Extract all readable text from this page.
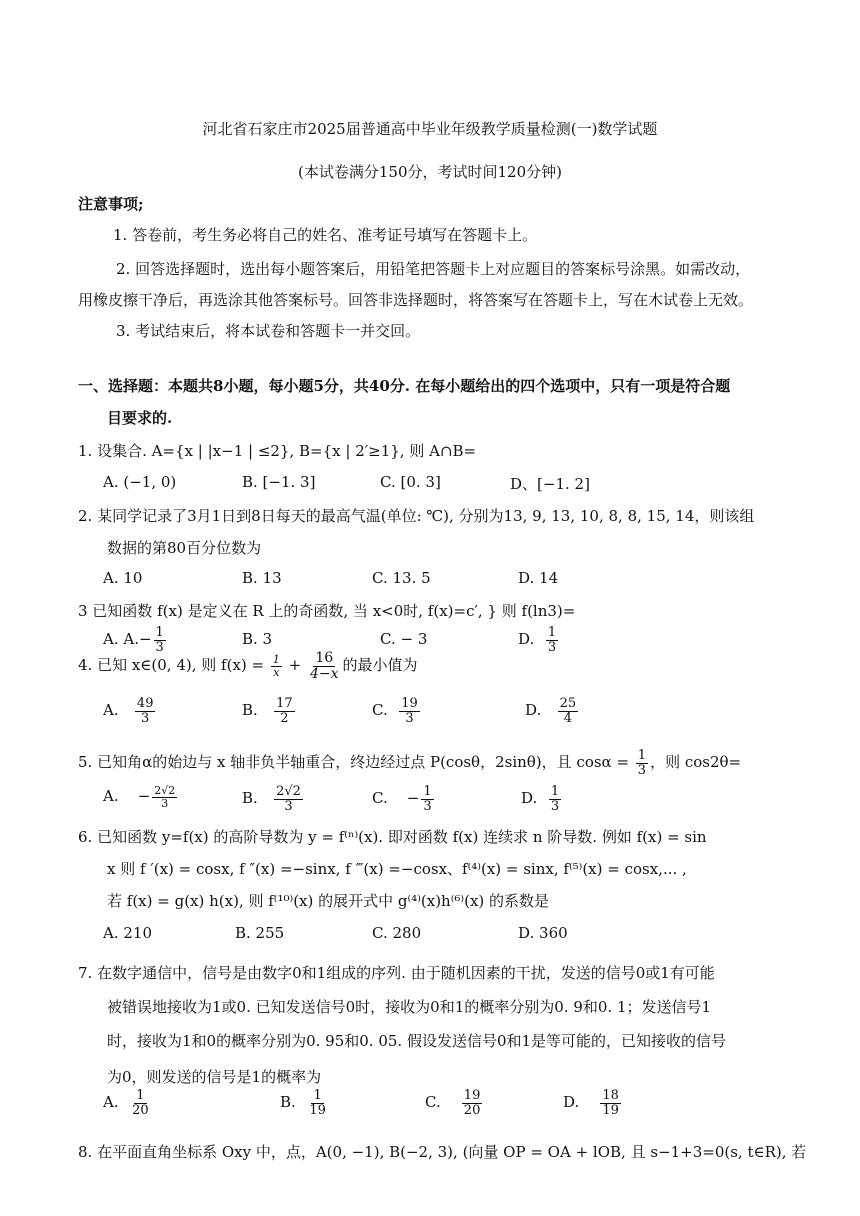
河北省石家庄市2025届普通高中毕业年级教学质量检测(一)数学试题
(本试卷满分150分，考试时间120分钟)
注意事项;
1. 答卷前，考生务必将自己的姓名、准考证号填写在答题卡上。
2. 回答选择题时，选出每小题答案后，用铅笔把答题卡上对应题目的答案标号涂黑。如需改动，
用橡皮擦干净后，再选涂其他答案标号。回答非选择题时，将答案写在答题卡上，写在木试卷上无效。
3. 考试结束后，将本试卷和答题卡一并交回。
一、选择题：本题共8小题，每小题5分，共40分. 在每小题给出的四个选项中，只有一项是符合题
目要求的.
1. 设集合. A={x | |x−1 | ≤2}, B={x | 2′≥1}, 则 A∩B=
A. (−1, 0)	B. [−1. 3]	C. [0. 3]	D、[−1. 2]
2. 某同学记录了3月1日到8日每天的最高气温(单位: ℃), 分别为13, 9, 13, 10, 8, 8, 15, 14，则该组
数据的第80百分位数为
A. 10	B. 13	C. 13. 5	D. 14
3 已知函数 f(x) 是定义在 R 上的奇函数, 当 x<0时, f(x)=c′, } 则 f(ln3)=
A. $A.- \frac{1}{3}$	B. 3	C. − 3	D. $\frac{1}{3}$
4. 已知 x∈(0, 4), 则 $f(x) = \frac{1}{x} + \frac{16}{4-x}$ 的最小值为
A. $\frac{49}{3}$	B. $\frac{17}{2}$	C. $\frac{19}{3}$	D. $\frac{25}{4}$
5. 已知角α的始边与 x 轴非负半轴重合，终边经过点 P(cosθ，2sinθ)，且 $\cos\alpha = \frac{1}{3}$ ，则 cos2θ=
A. − $\frac{2√2}{3}$	B. $\frac{2√2}{3}$	C. − $\frac{1}{3}$	D. $\frac{1}{3}$
6. 已知函数 y=f(x) 的高阶导数为 y = f⁽ⁿ⁾(x). 即对函数 f(x) 连续求 n 阶导数. 例如 f(x) = sin
x 则 f ′(x) = cosx, f ″(x) =−sinx, f ‴(x) =−cosx、f⁽⁴⁾(x) = sinx, f⁽⁵⁾(x) = cosx,... ,
若 f(x) = g(x) h(x), 则 f⁽¹⁰⁾(x) 的展开式中 g⁽⁴⁾(x)h⁽⁶⁾(x) 的系数是
A. 210	B. 255	C. 280	D. 360
7. 在数字通信中，信号是由数字0和1组成的序列. 由于随机因素的干扰，发送的信号0或1有可能
被错误地接收为1或0. 已知发送信号0时，接收为0和1的概率分别为0. 9和0. 1；发送信号1
时，接收为1和0的概率分别为0. 95和0. 05. 假设发送信号0和1是等可能的，已知接收的信号
为0，则发送的信号是1的概率为
A. $\frac{1}{20}$	B. $\frac{1}{19}$	C. $\frac{19}{20}$	D. $\frac{18}{19}$
8. 在平面直角坐标系 Oxy 中，点，A(0, −1), B(−2, 3), (向量 OP = OA + lOB, 且 s−1+3=0(s, t∈R), 若
